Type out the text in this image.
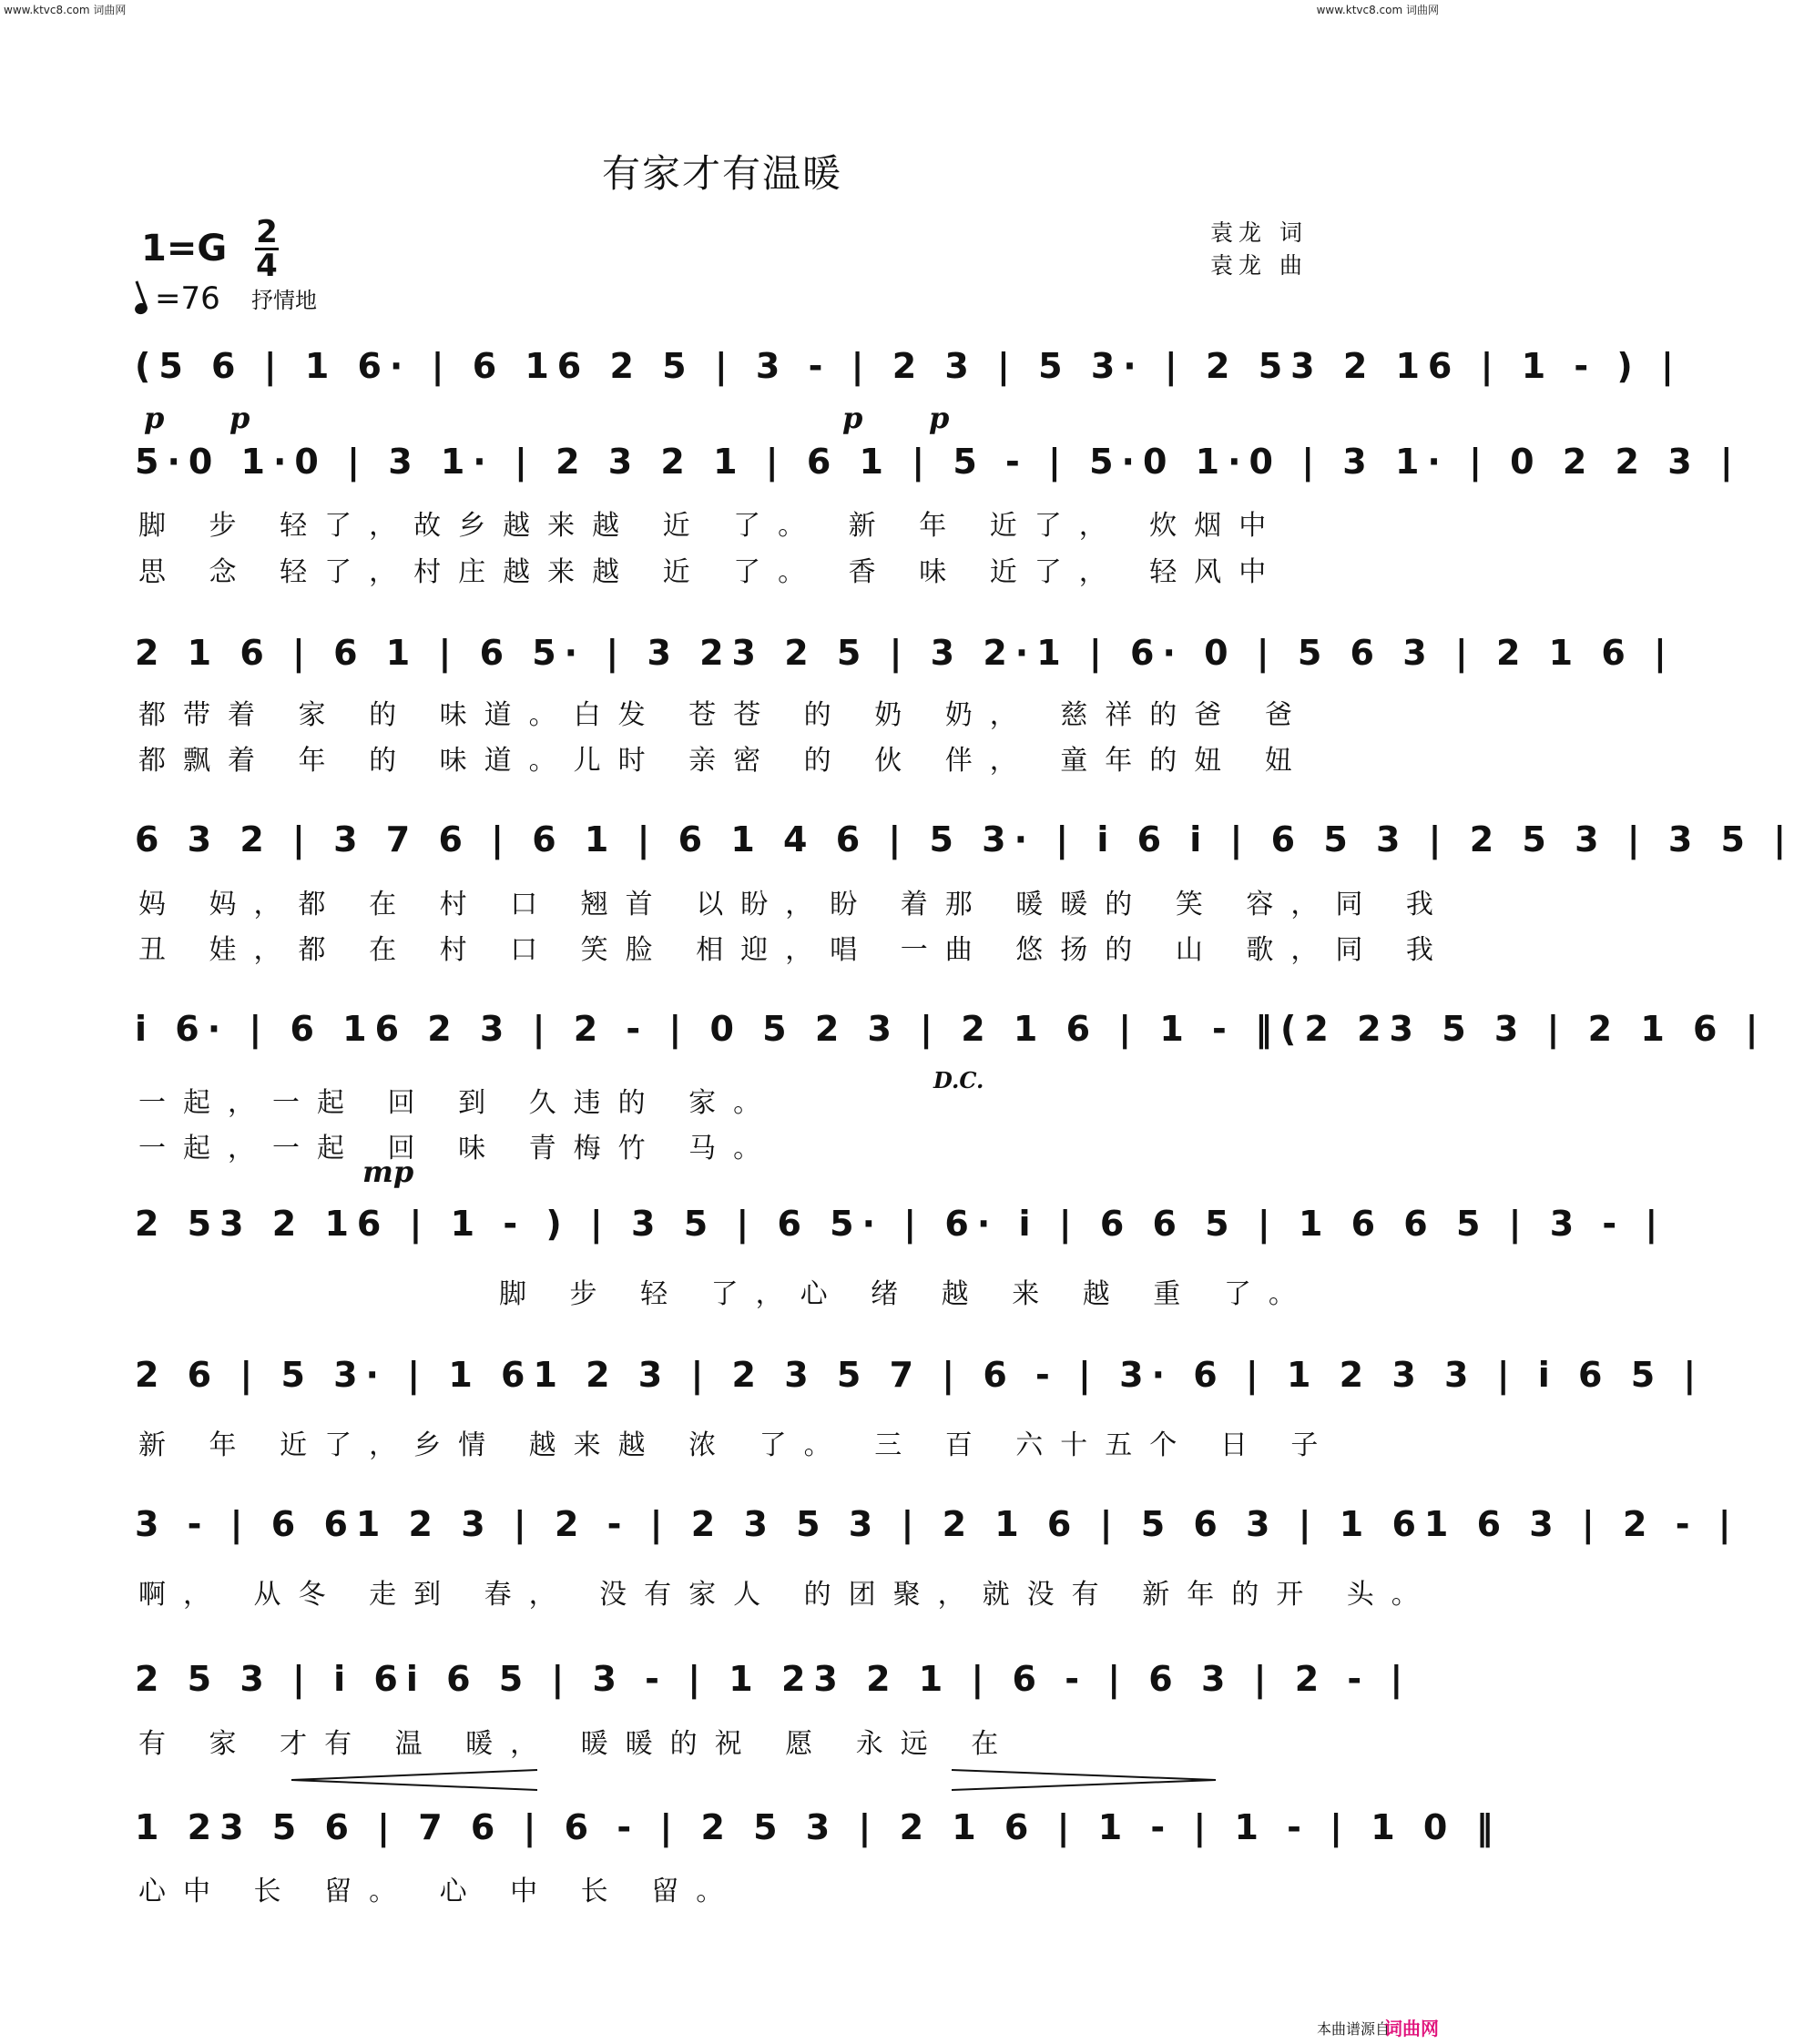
www.ktvc8.com 词曲网	www.ktvc8.com 词曲网
有家才有温暖
1=G 2
4
=76 抒情地
袁龙 词
袁龙 曲
p p	p p
mp
D.C.
(5 6 | 1 6· | 6 16 2 5 | 3 - | 2 3 | 5 3· | 2 53 2 16 | 1 - ) |
5·0 1·0 | 3 1· | 2 3 2 1 | 6 1 | 5 - | 5·0 1·0 | 3 1· | 0 2 2 3 |
脚 步 轻了，故乡越来越 近 了。 新 年 近了， 炊烟中
思 念 轻了，村庄越来越 近 了。 香 味 近了， 轻风中
2 1 6 | 6 1 | 6 5· | 3 23 2 5 | 3 2·1 | 6· 0 | 5 6 3 | 2 1 6 |
都带着 家 的 味道。白发 苍苍 的 奶 奶， 慈祥的爸 爸
都飘着 年 的 味道。儿时 亲密 的 伙 伴， 童年的妞 妞
6 3 2 | 3 7 6 | 6 1 | 6 1 4 6 | 5 3· | i 6 i | 6 5 3 | 2 5 3 | 3 5 |
妈 妈，都 在 村 口 翘首 以盼，盼 着那 暖暖的 笑 容，同 我
丑 娃，都 在 村 口 笑脸 相迎，唱 一曲 悠扬的 山 歌，同 我
i 6· | 6 16 2 3 | 2 - | 0 5 2 3 | 2 1 6 | 1 - ‖(2 23 5 3 | 2 1 6 |
一起，一起 回 到 久违的 家。
一起，一起 回 味 青梅竹 马。
2 53 2 16 | 1 - ) | 3 5 | 6 5· | 6· i | 6 6 5 | 1 6 6 5 | 3 - |
脚 步 轻 了，心 绪 越 来 越 重 了。
2 6 | 5 3· | 1 61 2 3 | 2 3 5 7 | 6 - | 3· 6 | 1 2 3 3 | i 6 5 |
新 年 近了，乡情 越来越 浓 了。 三 百 六十五个 日 子
3 - | 6 61 2 3 | 2 - | 2 3 5 3 | 2 1 6 | 5 6 3 | 1 61 6 3 | 2 - |
啊， 从冬 走到 春， 没有家人 的团聚，就没有 新年的开 头。
2 5 3 | i 6i 6 5 | 3 - | 1 23 2 1 | 6 - | 6 3 | 2 - |
有 家 才有 温 暖， 暖暖的祝 愿 永远 在
1 23 5 6 | 7 6 | 6 - | 2 5 3 | 2 1 6 | 1 - | 1 - | 1 0 ‖
心中 长 留。 心 中 长 留。
本曲谱源自
词曲网
